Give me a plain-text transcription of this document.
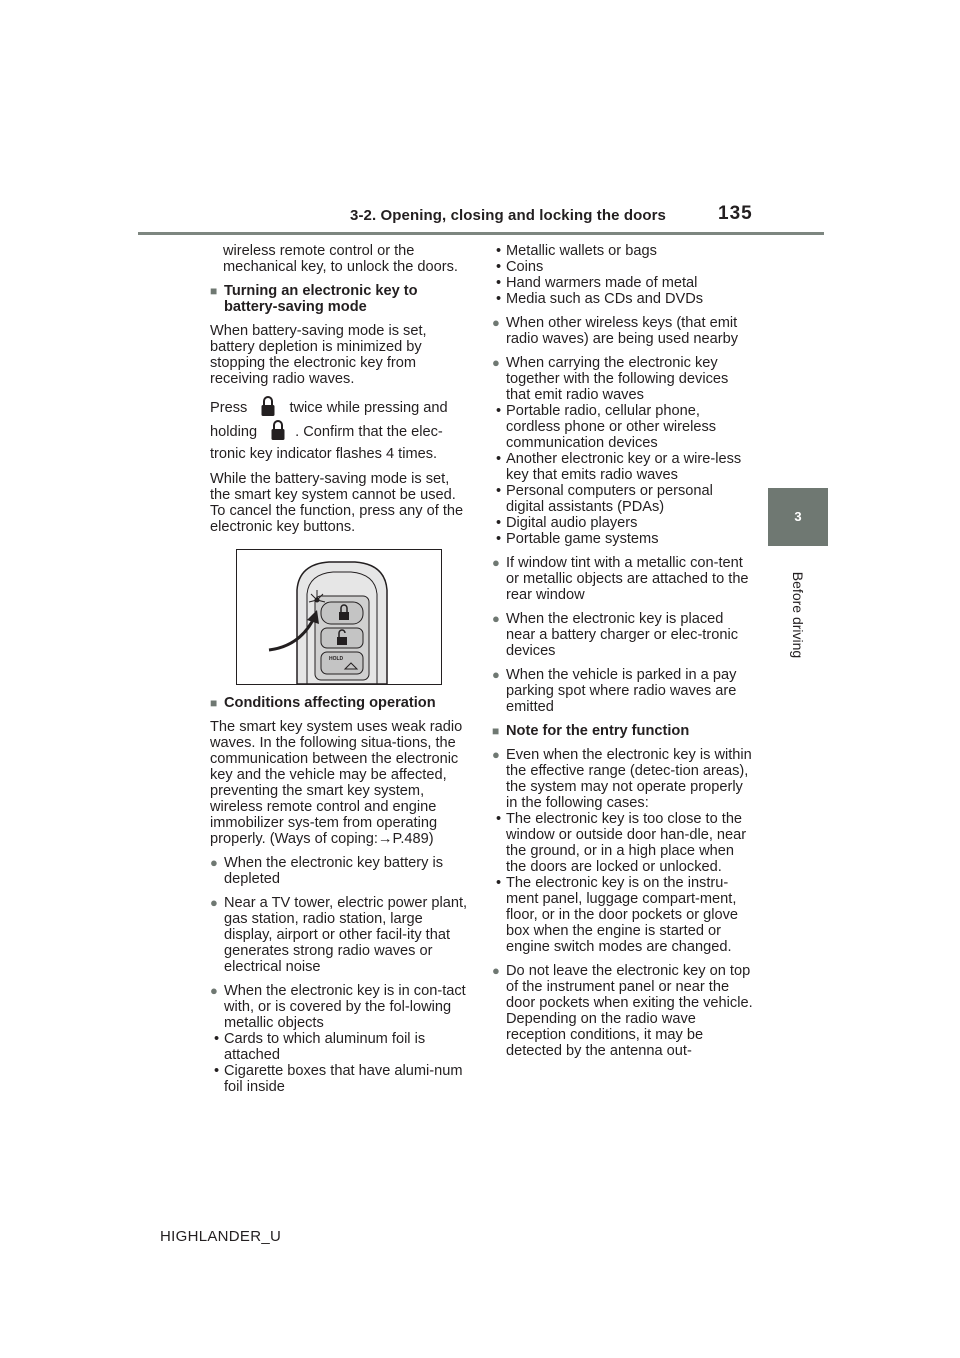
3-2. Opening, closing and locking the doors	135
3
Before driving

wireless remote control or the mechanical key, to unlock the doors.

■ Turning an electronic key to battery-saving mode

When battery-saving mode is set, battery depletion is minimized by stopping the electronic key from receiving radio waves.

Press	twice while pressing and
holding	. Confirm that the elec-
tronic key indicator flashes 4 times.

While the battery-saving mode is set, the smart key system cannot be used. To cancel the function, press any of the electronic key buttons.

HOLD
■ Conditions affecting operation

The smart key system uses weak radio waves. In the following situa-tions, the communication between the electronic key and the vehicle may be affected, preventing the smart key system, wireless remote control and engine immobilizer sys-tem from operating properly. (Ways of coping:→P.489)

● When the electronic key battery is depleted
● Near a TV tower, electric power plant, gas station, radio station, large display, airport or other facil-ity that generates strong radio waves or electrical noise
● When the electronic key is in con-tact with, or is covered by the fol-lowing metallic objects
• Cards to which aluminum foil is attached
• Cigarette boxes that have alumi-num foil inside
• Metallic wallets or bags
• Coins
• Hand warmers made of metal
• Media such as CDs and DVDs
● When other wireless keys (that emit radio waves) are being used nearby
● When carrying the electronic key together with the following devices that emit radio waves
• Portable radio, cellular phone, cordless phone or other wireless communication devices
• Another electronic key or a wire-less key that emits radio waves
• Personal computers or personal digital assistants (PDAs)
• Digital audio players
• Portable game systems
● If window tint with a metallic con-tent or metallic objects are attached to the rear window
● When the electronic key is placed near a battery charger or elec-tronic devices
● When the vehicle is parked in a pay parking spot where radio waves are emitted
■ Note for the entry function
● Even when the electronic key is within the effective range (detec-tion areas), the system may not operate properly in the following cases:
• The electronic key is too close to the window or outside door han-dle, near the ground, or in a high place when the doors are locked or unlocked.
• The electronic key is on the instru-ment panel, luggage compart-ment, floor, or in the door pockets or glove box when the engine is started or engine switch modes are changed.
● Do not leave the electronic key on top of the instrument panel or near the door pockets when exiting the vehicle. Depending on the radio wave reception conditions, it may be detected by the antenna out-
HIGHLANDER_U
